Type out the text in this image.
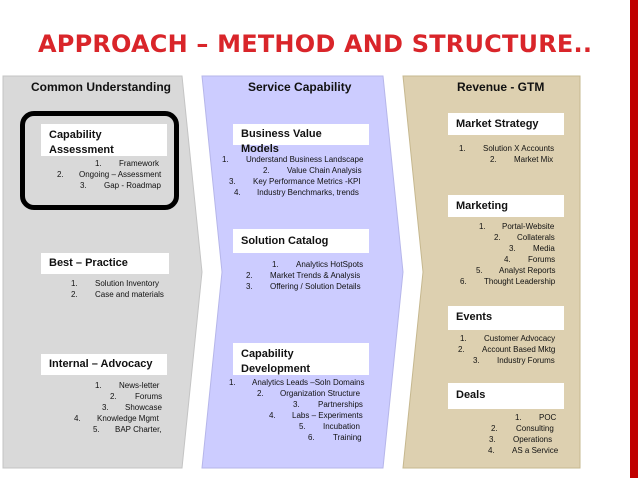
APPROACH – METHOD AND STRUCTURE..
Common Understanding	Service Capability	Revenue - GTM
Capability Assessment
1. Framework
2. Ongoing – Assessment
3. Gap - Roadmap
Best – Practice
1. Solution Inventory
2. Case and materials
Internal – Advocacy
1. News-letter
2. Forums
3. Showcase
4. Knowledge Mgmt
5. BAP Charter,
Business Value Models
1. Understand Business Landscape
2. Value Chain Analysis
3. Key Performance Metrics -KPI
4. Industry Benchmarks, trends
Solution Catalog
1. Analytics HotSpots
2. Market Trends & Analysis
3. Offering / Solution Details
Capability Development
1. Analytics Leads –Soln Domains
2. Organization Structure
3. Partnerships
4. Labs – Experiments
5. Incubation
6. Training
Market Strategy
1. Solution X Accounts
2. Market Mix
Marketing
1. Portal-Website
2. Collaterals
3. Media
4. Forums
5. Analyst Reports
6. Thought Leadership
Events
1. Customer Advocacy
2. Account Based Mktg
3. Industry Forums
Deals
1. POC
2. Consulting
3. Operations
4. AS a Service
